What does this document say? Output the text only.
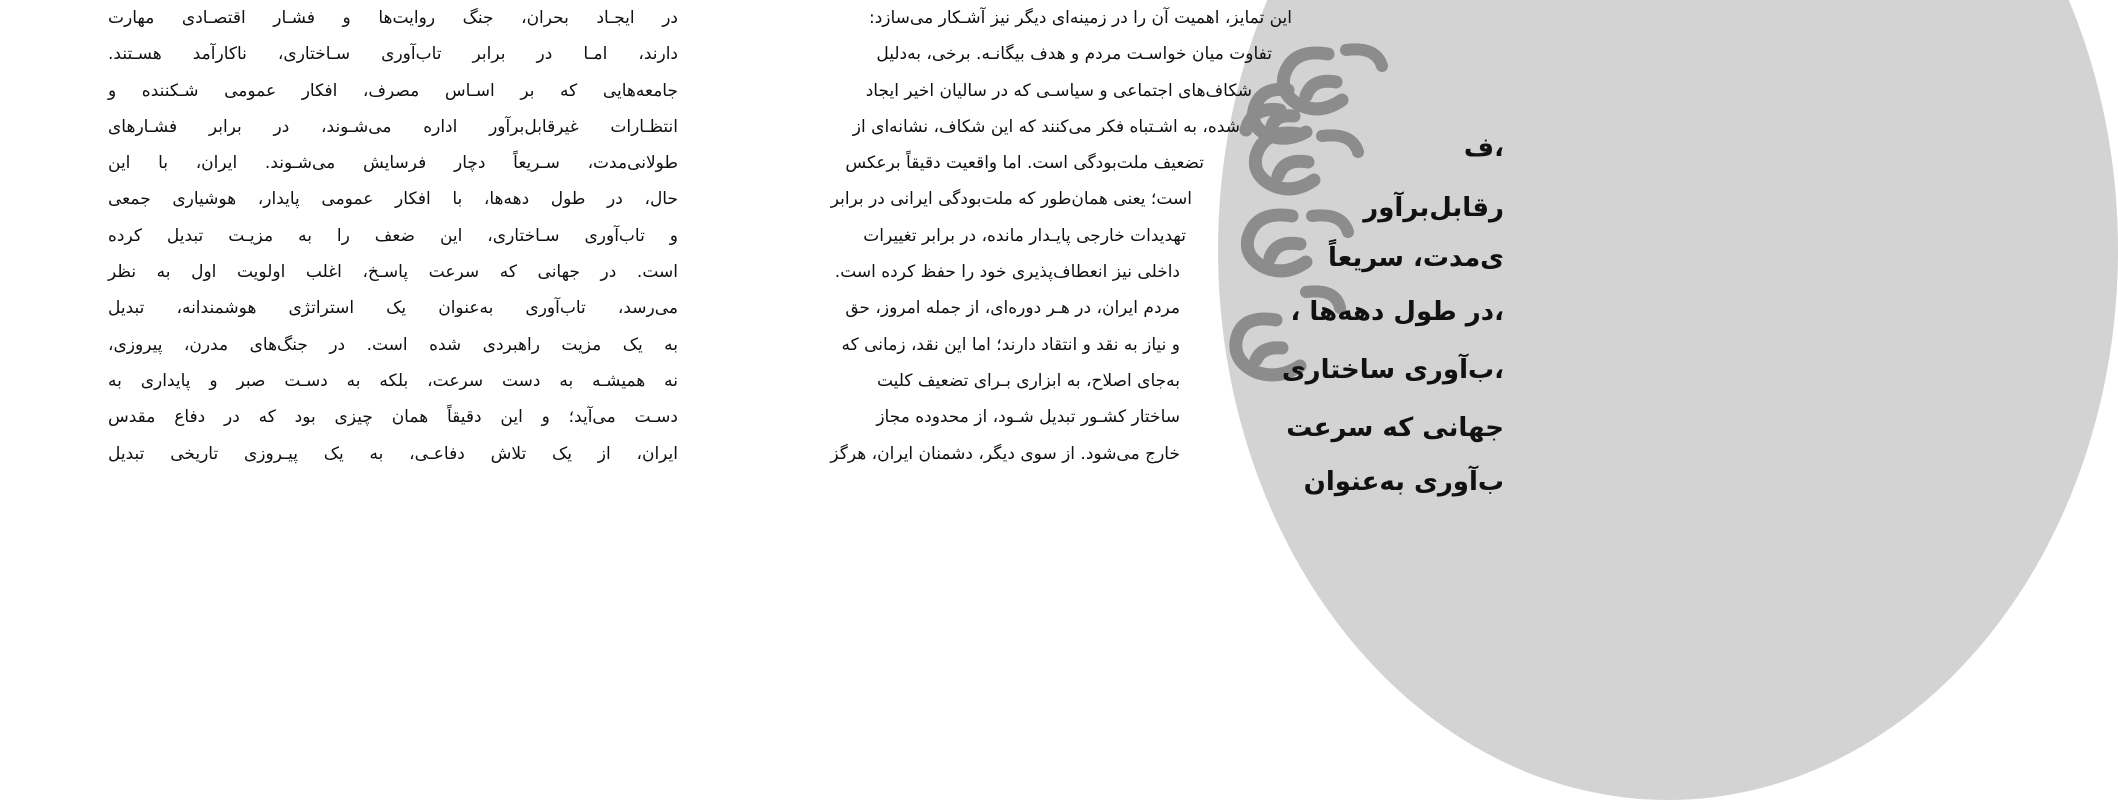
در ایجـاد بحران، جنگ روایت‌ها و فشـار اقتصـادی مهارت
دارند، امـا در برابر تاب‌آوری سـاختاری، ناکارآمد هسـتند.
جامعه‌هایی که بر اسـاس مصرف، افکار عمومی شـکننده و
انتظـارات غیرقابل‌برآور اداره می‌شـوند، در برابر فشـارهای
طولانی‌مدت، سـریعاً دچار فرسایش می‌شـوند. ایران، با این
حال، در طول دهه‌ها، با افکار عمومی پایدار، هوشیاری جمعی
و تاب‌آوری سـاختاری، این ضعف را به مزیـت تبدیل کرده
است. در جهانی که سرعت پاسـخ، اغلب اولویت اول به نظر
می‌رسد، تاب‌آوری به‌عنوان یک استراتژی هوشمندانه، تبدیل
به یک مزیت راهبردی شده است. در جنگ‌های مدرن، پیروزی،
نه همیشـه به دست سرعت، بلکه به دسـت صبر و پایداری به
دسـت می‌آید؛ و این دقیقاً همان چیزی بود که در دفاع مقدس
ایران، از یک تلاش دفاعـی، به یک پیـروزی تاریخی تبدیل
این تمایز، اهمیت آن را در زمینه‌ای دیگر نیز آشـکار می‌سازد:
تفاوت میان خواسـت مردم و هدف بیگانـه. برخی، به‌دلیل
شکاف‌های اجتماعی و سیاسـی که در سالیان اخیر ایجاد
شده، به اشـتباه فکر می‌کنند که این شکاف، نشانه‌ای از
تضعیف ملت‌بودگی است. اما واقعیت دقیقاً برعکس
است؛ یعنی همان‌طور که ملت‌بودگی ایرانی در برابر
تهدیدات خارجی پایـدار مانده، در برابر تغییرات
داخلی نیز انعطاف‌پذیری خود را حفظ کرده است.
مردم ایران، در هـر دوره‌ای، از جمله امروز، حق
و نیاز به نقد و انتقاد دارند؛ اما این نقد، زمانی که
به‌جای اصلاح، به ابزاری بـرای تضعیف کلیت
ساختار کشـور تبدیل شـود، از محدوده مجاز
خارج می‌شود. از سوی دیگر، دشمنان ایران، هرگز
ف،
رقابل‌برآور
ی‌مدت، سریعاً
، در طول دهه‌ها،
ب‌آوری ساختاری،
جهانی که سرعت
ب‌آوری به‌عنوان
